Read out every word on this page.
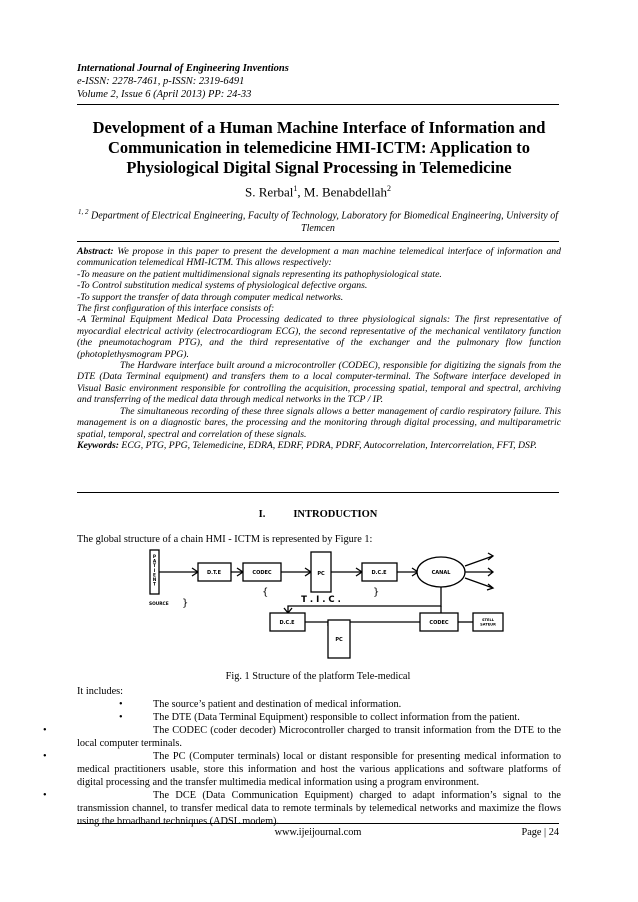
International Journal of Engineering Inventions
e-ISSN: 2278-7461, p-ISSN: 2319-6491
Volume 2, Issue 6 (April 2013) PP: 24-33
Development of a Human Machine Interface of Information and Communication in telemedicine HMI-ICTM: Application to Physiological Digital Signal Processing in Telemedicine
S. Rerbal$^1$, M. Benabdellah$^2$
$^{1, 2}$ Department of Electrical Engineering, Faculty of Technology, Laboratory for Biomedical Engineering, University of Tlemcen

Abstract: We propose in this paper to present the development a man machine telemedical interface of information and communication telemedical HMI-ICTM. This allows respectively:

-To measure on the patient multidimensional signals representing its pathophysiological state.

-To Control substitution medical systems of physiological defective organs.

-To support the transfer of data through computer medical networks.

The first configuration of this interface consists of:

-A Terminal Equipment Medical Data Processing dedicated to three physiological signals: The first representative of myocardial electrical activity (electrocardiogram ECG), the second representative of the mechanical ventilatory function (the pneumotachogram PTG), and the third representative of the exchanger and the pulmonary flow function (photoplethysmogram PPG).

The Hardware interface built around a microcontroller (CODEC), responsible for digitizing the signals from the DTE (Data Terminal equipment) and transfers them to a local computer-terminal. The Software interface developed in Visual Basic environment responsible for controlling the acquisition, processing spatial, temporal and spectral, archiving and transferring of the medical data through medical networks in the TCP / IP.

The simultaneous recording of these three signals allows a better management of cardio respiratory failure. This management is on a diagnostic bares, the processing and the monitoring through digital processing, and multiparametric spatial, temporal, spectral and correlation of these signals.

Keywords: ECG, PTG, PPG, Telemedicine, EDRA, EDRF, PDRA, PDRF, Autocorrelation, Intercorrelation, FFT, DSP.

I.	INTRODUCTION
The global structure of a chain HMI - ICTM is represented by Figure 1:
P A T I E N T
SOURCE }
D.T.E	CODEC	PC	D.C.E	CANAL
{
T . I . C .
}
D.C.E
PC
CODEC	STELL SATEUR
Fig. 1 Structure of the platform Tele-medical

It includes:

•	The source’s patient and destination of medical information.

•	The DTE (Data Terminal Equipment) responsible to collect information from the patient.

•	The CODEC (coder decoder) Microcontroller charged to transit information from the DTE to the local computer terminals.

•	The PC (Computer terminals) local or distant responsible for presenting medical information to medical practitioners usable, store this information and host the various applications and software platforms of digital processing and the transfer multimedia medical information using a program environment.

•	The DCE (Data Communication Equipment) charged to adapt information’s signal to the transmission channel, to transfer medical data to remote terminals by telemedical networks and maximize the flows using the broadband techniques (ADSL modem).

www.ijeijournal.com	Page | 24
